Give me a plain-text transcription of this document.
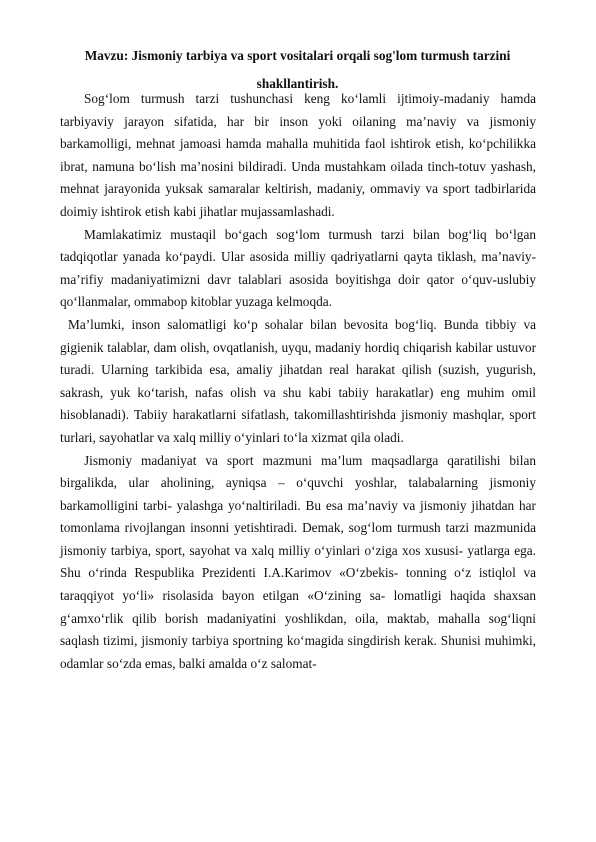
Mavzu: Jismoniy tarbiya va sport vositalari orqali sog'lom turmush tarzini shakllantirish.

Sog‘lom turmush tarzi tushunchasi keng ko‘lamli ijtimoiy-madaniy hamda tarbiyaviy jarayon sifatida, har bir inson yoki oilaning ma’naviy va jismoniy barkamolligi, mehnat jamoasi hamda mahalla muhitida faol ishtirok etish, ko‘pchilikka ibrat, namuna bo‘lish ma’nosini bildiradi. Unda mustahkam oilada tinch-totuv yashash, mehnat jarayonida yuksak samaralar keltirish, madaniy, ommaviy va sport tadbirlarida doimiy ishtirok etish kabi jihatlar mujassamlashadi.

Mamlakatimiz mustaqil bo‘gach sog‘lom turmush tarzi bilan bog‘liq bo‘lgan tadqiqotlar yanada ko‘paydi. Ular asosida milliy qadriyatlarni qayta tiklash, ma’naviy-ma’rifiy madaniyatimizni davr talablari asosida boyitishga doir qator o‘quv-uslubiy qo‘llanmalar, ommabop kitoblar yuzaga kelmoqda.

Ma’lumki, inson salomatligi ko‘p sohalar bilan bevosita bog‘liq. Bunda tibbiy va gigienik talablar, dam olish, ovqatlanish, uyqu, madaniy hordiq chiqarish kabilar ustuvor turadi. Ularning tarkibida esa, amaliy jihatdan real harakat qilish (suzish, yugurish, sakrash, yuk ko‘tarish, nafas olish va shu kabi tabiiy harakatlar) eng muhim omil hisoblanadi). Tabiiy harakatlarni sifatlash, takomillashtirishda jismoniy mashqlar, sport turlari, sayohatlar va xalq milliy o‘yinlari to‘la xizmat qila oladi.

Jismoniy madaniyat va sport mazmuni ma’lum maqsadlarga qaratilishi bilan birgalikda, ular aholining, ayniqsa – o‘quvchi yoshlar, talabalarning jismoniy barkamolligini tarbi- yalashga yo‘naltiriladi. Bu esa ma’naviy va jismoniy jihatdan har tomonlama rivojlangan insonni yetishtiradi. Demak, sog‘lom turmush tarzi mazmunida jismoniy tarbiya, sport, sayohat va xalq milliy o‘yinlari o‘ziga xos xususi- yatlarga ega. Shu o‘rinda Respublika Prezidenti I.A.Karimov «O‘zbekis- tonning o‘z istiqlol va taraqqiyot yo‘li» risolasida bayon etilgan «O‘zining sa- lomatligi haqida shaxsan g‘amxo‘rlik qilib borish madaniyatini yoshlikdan, oila, maktab, mahalla sog‘liqni saqlash tizimi, jismoniy tarbiya sportning ko‘magida singdirish kerak. Shunisi muhimki, odamlar so‘zda emas, balki amalda o‘z salomat-
